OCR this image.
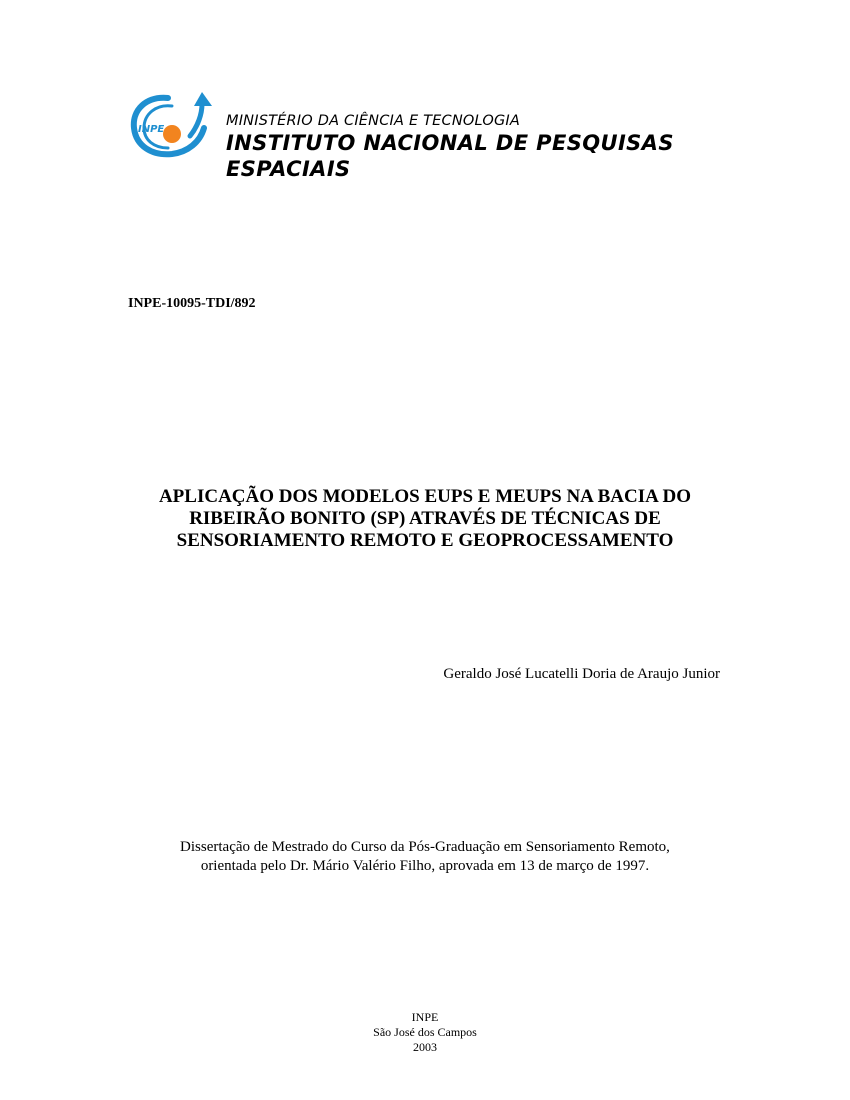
INPE
MINISTÉRIO DA CIÊNCIA E TECNOLOGIA
INSTITUTO NACIONAL DE PESQUISAS ESPACIAIS
INPE-10095-TDI/892
APLICAÇÃO DOS MODELOS EUPS E MEUPS NA BACIA DO
RIBEIRÃO BONITO (SP) ATRAVÉS DE TÉCNICAS DE
SENSORIAMENTO REMOTO E GEOPROCESSAMENTO
Geraldo José Lucatelli Doria de Araujo Junior
Dissertação de Mestrado do Curso da Pós-Graduação em Sensoriamento Remoto,
orientada pelo Dr. Mário Valério Filho, aprovada em 13 de março de 1997.
INPE
São José dos Campos
2003
